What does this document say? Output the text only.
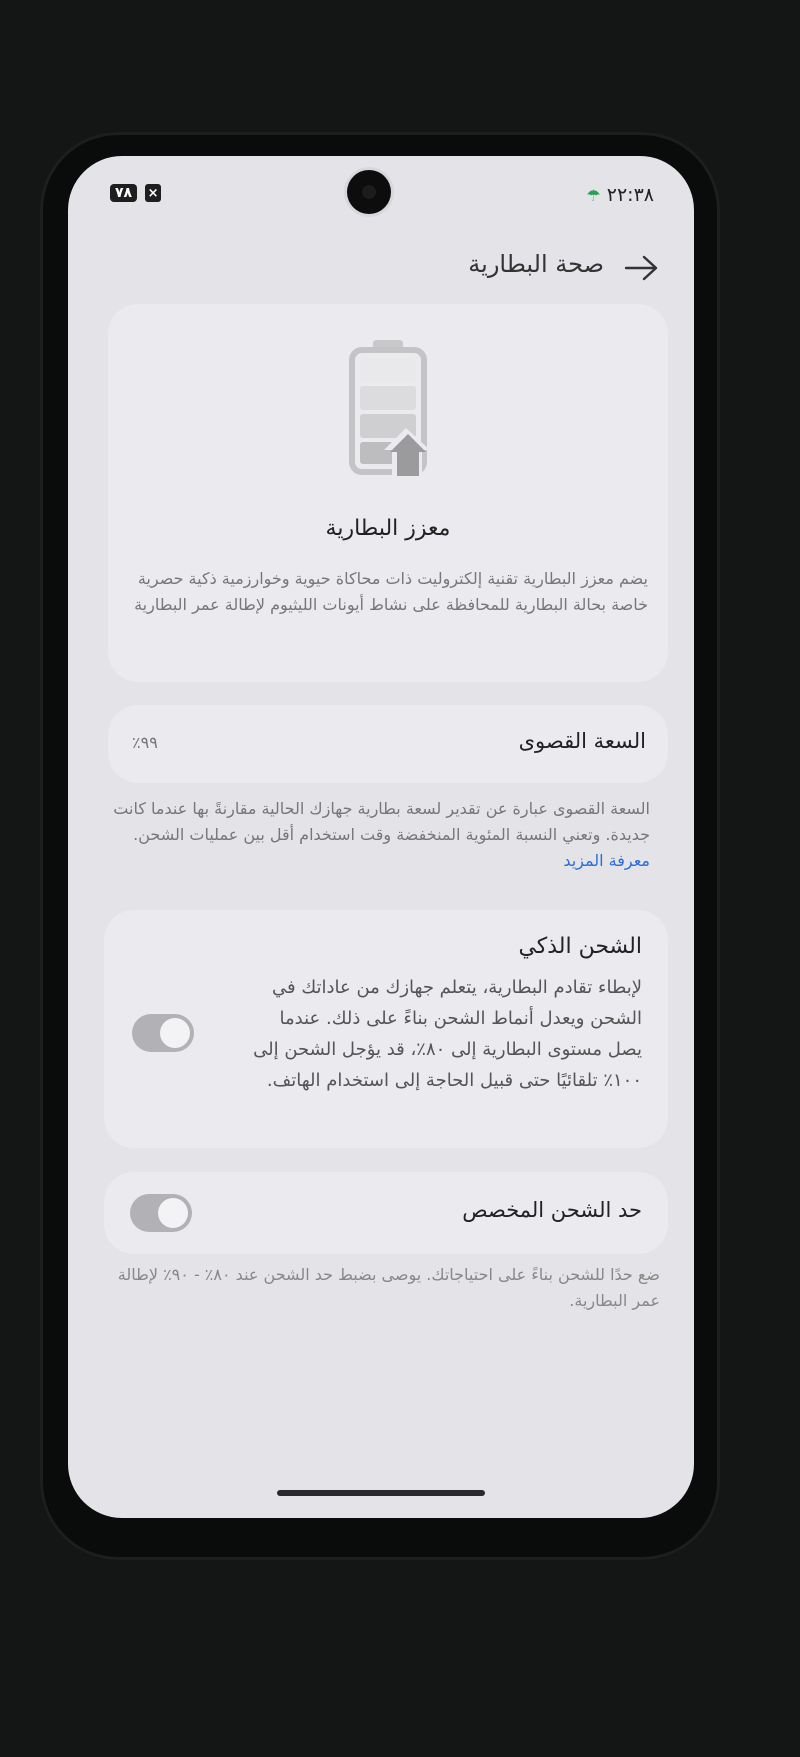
☂ ٢٢:٣٨
٧٨	×
صحة البطارية
معزز البطارية
يضم معزز البطارية تقنية إلكتروليت ذات محاكاة حيوية وخوارزمية ذكية حصرية خاصة بحالة البطارية للمحافظة على نشاط أيونات الليثيوم لإطالة عمر البطارية
السعة القصوى
٩٩٪
السعة القصوى عبارة عن تقدير لسعة بطارية جهازك الحالية مقارنةً بها عندما كانت جديدة. وتعني النسبة المئوية المنخفضة وقت استخدام أقل بين عمليات الشحن. معرفة المزيد
الشحن الذكي
لإبطاء تقادم البطارية، يتعلم جهازك من عاداتك في الشحن ويعدل أنماط الشحن بناءً على ذلك. عندما يصل مستوى البطارية إلى ٨٠٪، قد يؤجل الشحن إلى ١٠٠٪ تلقائيًا حتى قبيل الحاجة إلى استخدام الهاتف.
حد الشحن المخصص
ضع حدًا للشحن بناءً على احتياجاتك. يوصى بضبط حد الشحن عند ٨٠٪ - ٩٠٪ لإطالة عمر البطارية.
